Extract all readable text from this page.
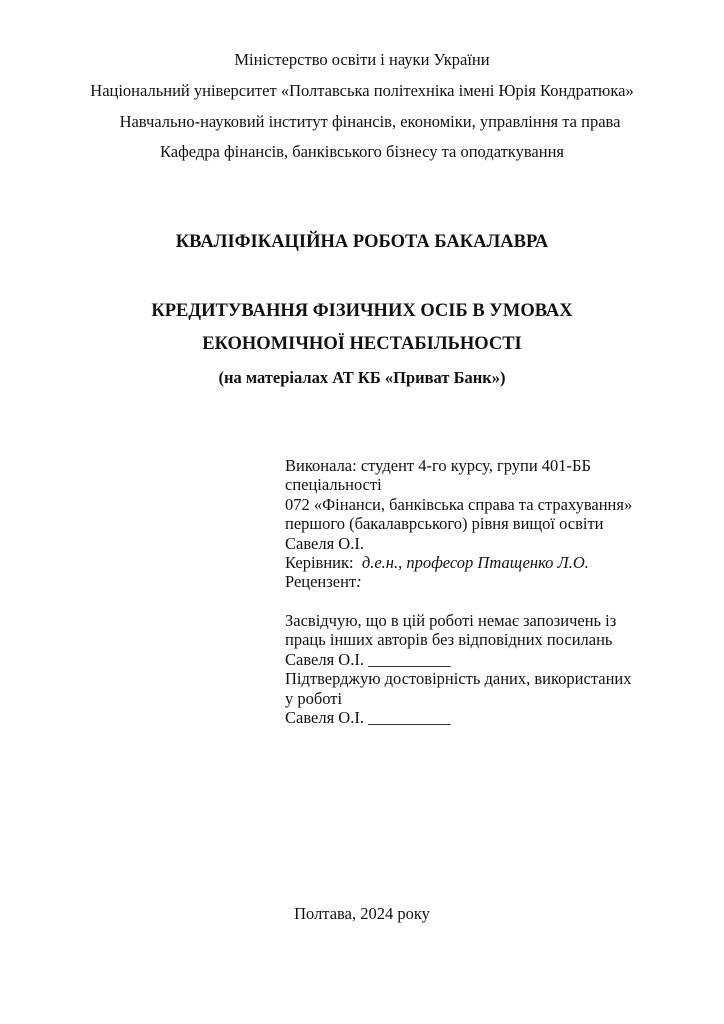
Міністерство освіти і науки України
Національний університет «Полтавська політехніка імені Юрія Кондратюка»
Навчально-науковий інститут фінансів, економіки, управління та права
Кафедра фінансів, банківського бізнесу та оподаткування
КВАЛІФІКАЦІЙНА РОБОТА БАКАЛАВРА
КРЕДИТУВАННЯ ФІЗИЧНИХ ОСІБ В УМОВАХ
ЕКОНОМІЧНОЇ НЕСТАБІЛЬНОСТІ
(на матеріалах АТ КБ «Приват Банк»)
Виконала: студент 4-го курсу, групи 401-ББ
спеціальності
072 «Фінанси, банківська справа та страхування»
першого (бакалаврського) рівня вищої освіти
Савеля О.І.
Керівник: д.е.н., професор Птащенко Л.О.
Рецензент:
Засвідчую, що в цій роботі немає запозичень із
праць інших авторів без відповідних посилань
Савеля О.І. __________
Підтверджую достовірність даних, використаних
у роботі
Савеля О.І. __________
Полтава, 2024 року
